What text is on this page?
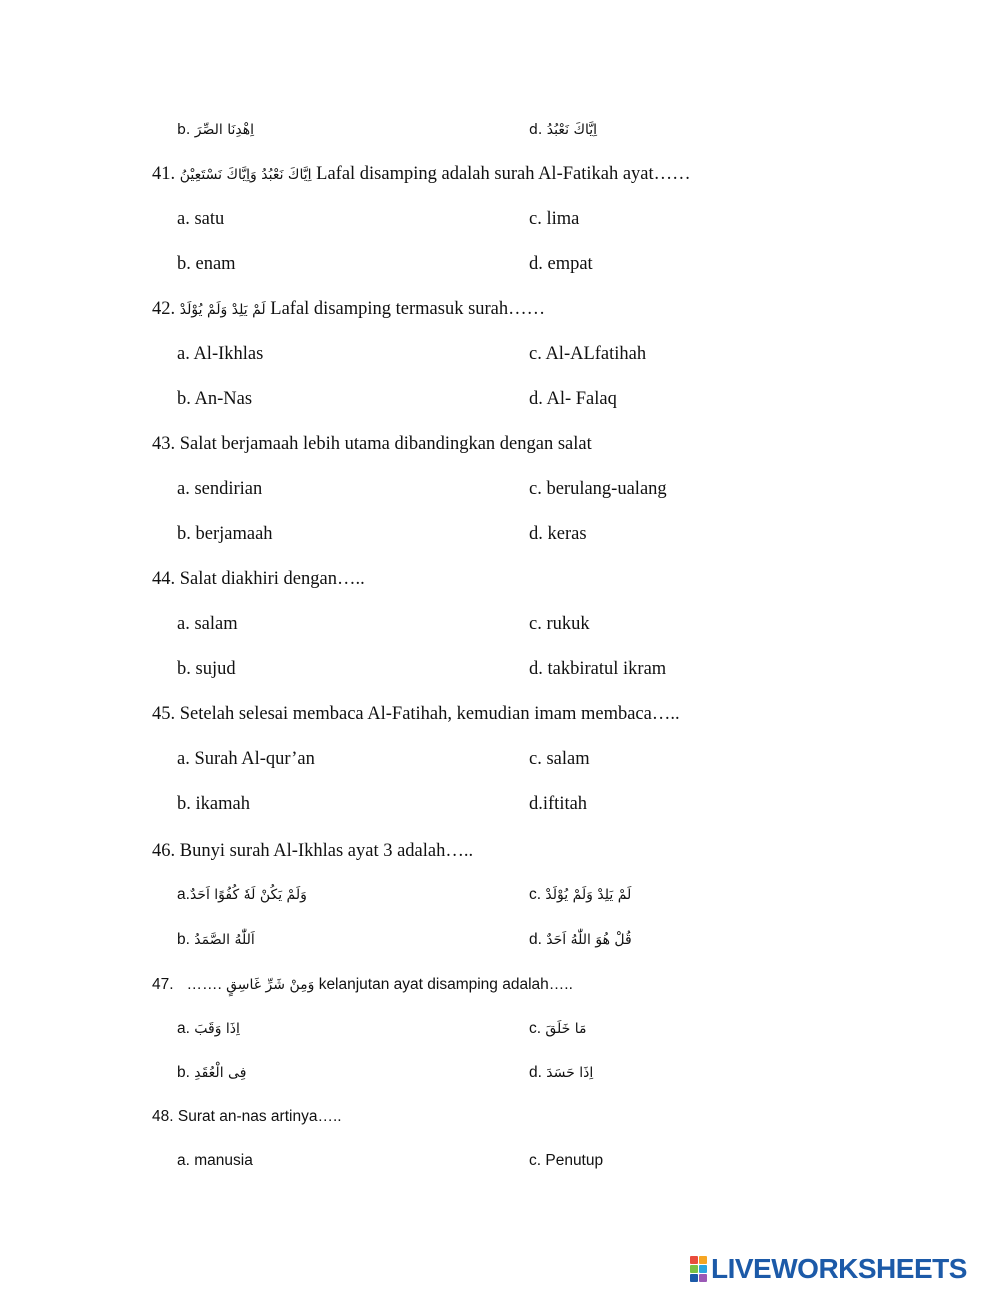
b. اِهْدِنَا الصِّرَ	d. اِيَّاكَ نَعْبُدُ
41. اِيَّاكَ نَعْبُدُ وَاِيَّاكَ نَسْتَعِيْنُ Lafal disamping adalah surah Al-Fatikah ayat……
a. satu	c. lima
b. enam	d. empat
42. لَمْ يَلِدْ وَلَمْ يُوْلَدْ Lafal disamping termasuk surah……
a. Al-Ikhlas	c. Al-ALfatihah
b. An-Nas	d. Al- Falaq
43. Salat berjamaah lebih utama dibandingkan dengan salat
a. sendirian	c. berulang-ualang
b. berjamaah	d. keras
44. Salat diakhiri dengan…..
a. salam	c. rukuk
b. sujud	d. takbiratul ikram
45. Setelah selesai membaca Al-Fatihah, kemudian imam membaca…..
a. Surah Al-qur’an	c. salam
b. ikamah	d.iftitah
46. Bunyi surah Al-Ikhlas ayat 3 adalah…..
a.وَلَمْ يَكُنْ لَهٗ كُفُوًا اَحَدٌ	c. لَمْ يَلِدْ وَلَمْ يُوْلَدْ
b. اَللّٰهُ الصَّمَدُ	d. قُلْ هُوَ اللّٰهُ اَحَدٌ
47. ……. وَمِنْ شَرِّ غَاسِقٍ kelanjutan ayat disamping adalah…..
a. اِذَا وَقَبَ	c. مَا خَلَقَ
b. فِى الْعُقَدِ	d. اِذَا حَسَدَ
48. Surat an-nas artinya…..
a. manusia	c. Penutup
LIVEWORKSHEETS
